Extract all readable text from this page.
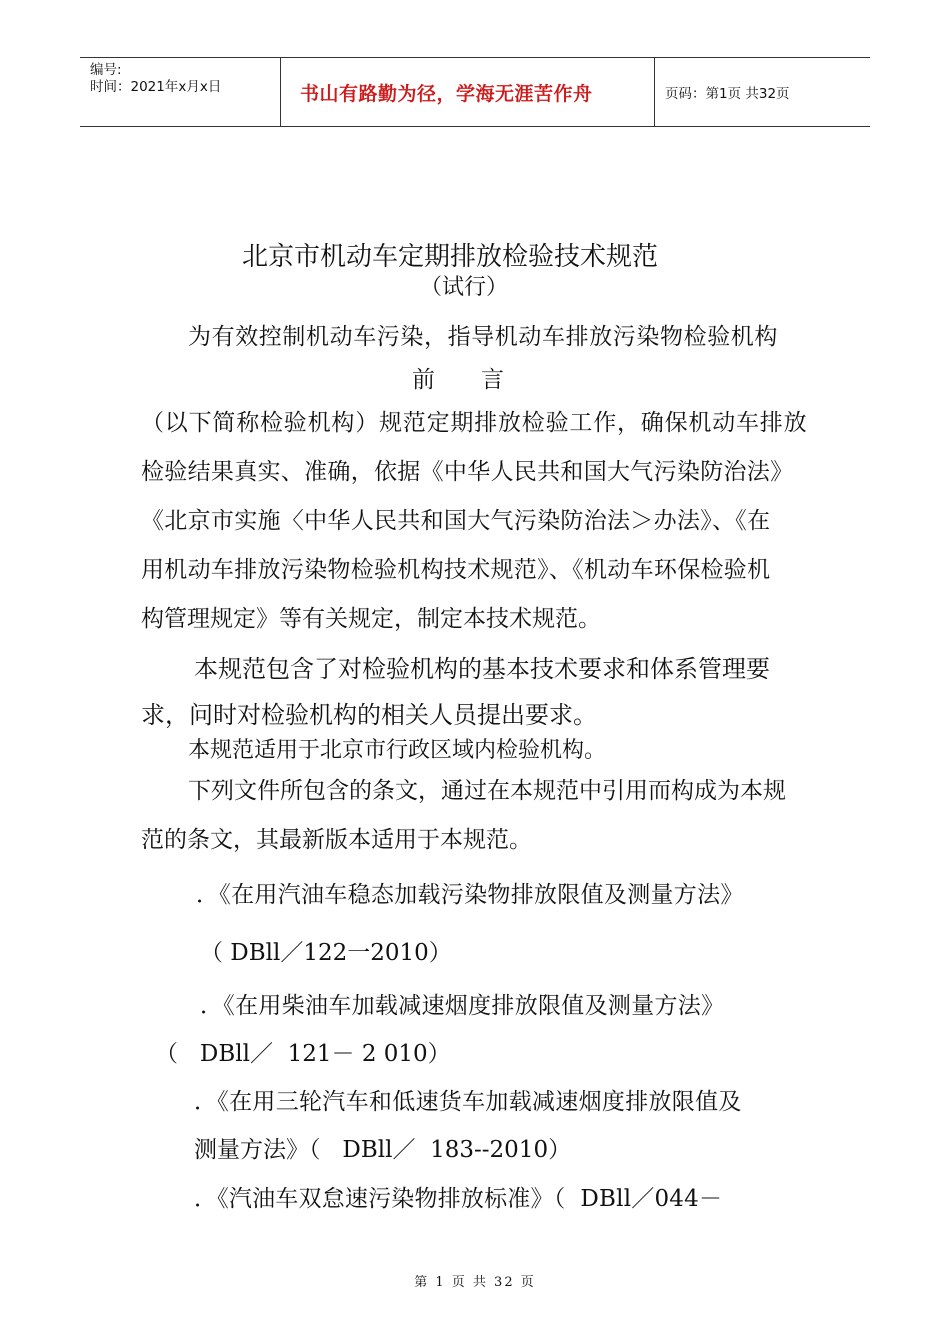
编号:
时间：2021年x月x日	书山有路勤为径，学海无涯苦作舟	页码：第1页 共32页
北京市机动车定期排放检验技术规范
（试行）
为有效控制机动车污染，指导机动车排放污染物检验机构
前　　言
（以下简称检验机构）规范定期排放检验工作，确保机动车排放
检验结果真实、准确，依据《中华人民共和国大气污染防治法》
《北京市实施〈中华人民共和国大气污染防治法＞办法》、《在
用机动车排放污染物检验机构技术规范》、《机动车环保检验机
构管理规定》等有关规定，制定本技术规范。
本规范包含了对检验机构的基本技术要求和体系管理要
求，问时对检验机构的相关人员提出要求。
本规范适用于北京市行政区域内检验机构。
下列文件所包含的条文，通过在本规范中引用而构成为本规
范的条文，其最新版本适用于本规范。
．《在用汽油车稳态加载污染物排放限值及测量方法》
（ DBll／122一2010）
．《在用柴油车加载减速烟度排放限值及测量方法》
（   DBll／  121－ 2 010）
．《在用三轮汽车和低速货车加载减速烟度排放限值及
测量方法》（   DBll／  183--2010）
．《汽油车双怠速污染物排放标准》（  DBll／044－
第 1 页 共 32 页
